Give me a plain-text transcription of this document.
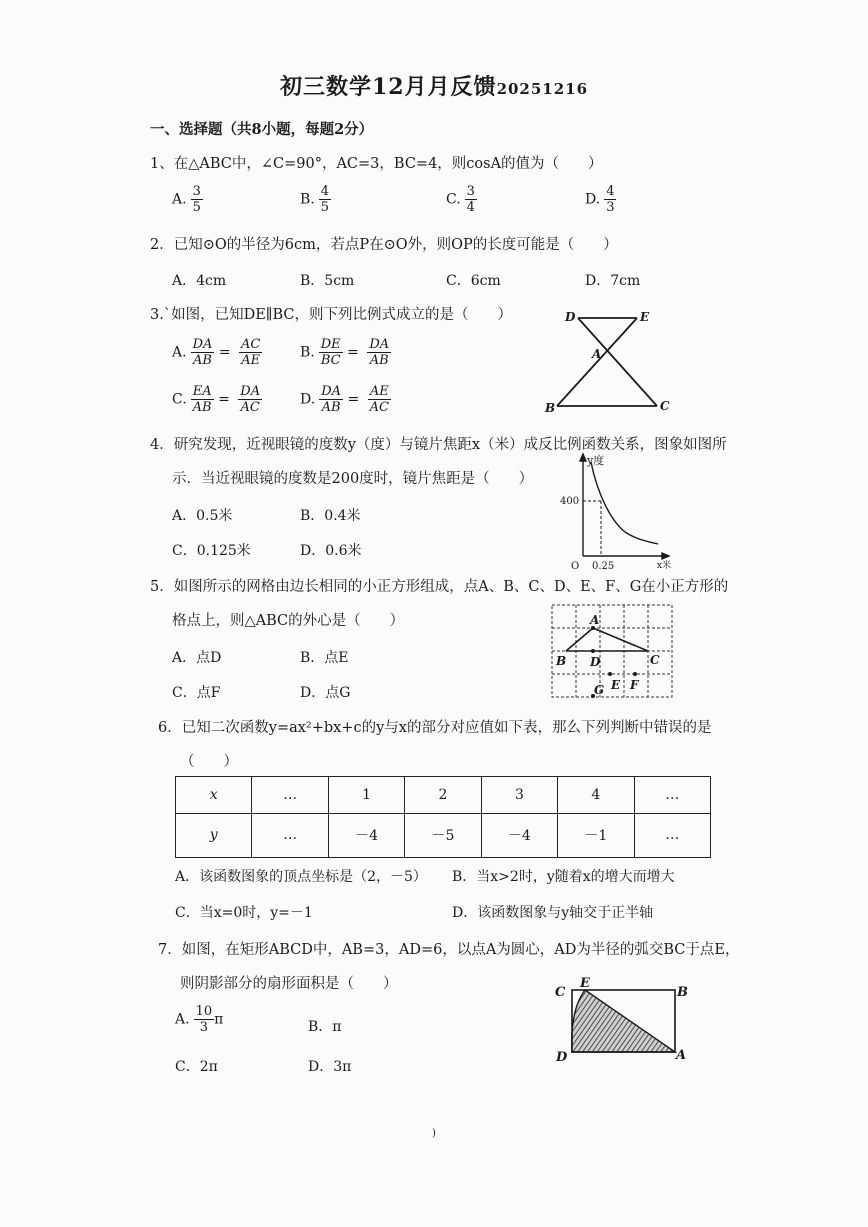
初三数学12月月反馈20251216
一、选择题（共8小题，每题2分）
1、在△ABC中，∠C=90°，AC=3，BC=4，则cosA的值为（　　）
A. $\frac{3}{5}$	B. $\frac{4}{5}$	C. $\frac{3}{4}$	D. $\frac{4}{3}$
2．已知⊙O的半径为6cm，若点P在⊙O外，则OP的长度可能是（　　）
A．4cm	B．5cm	C．6cm	D．7cm
3.`如图，已知DE∥BC，则下列比例式成立的是（　　）
A. $\frac{DA}{AB} = \frac{AC}{AE}$	B. $\frac{DE}{BC} = \frac{DA}{AB}$
C. $\frac{EA}{AB} = \frac{DA}{AC}$	D. $\frac{DA}{AB} = \frac{AE}{AC}$
D	E
A
B	C
4．研究发现，近视眼镜的度数y（度）与镜片焦距x（米）成反比例函数关系，图象如图所
示．当近视眼镜的度数是200度时，镜片焦距是（　　）
A．0.5米	B．0.4米
C．0.125米	D．0.6米
y度
x米
400
0.25
O
5．如图所示的网格由边长相同的小正方形组成，点A、B、C、D、E、F、G在小正方形的
格点上，则△ABC的外心是（　　）
A．点D	B．点E
C．点F	D．点G
A
B	C
D
E F
G
6．已知二次函数y=ax²+bx+c的y与x的部分对应值如下表，那么下列判断中错误的是
（　　）
x	…	1	2	3	4	…
y	…	－4	－5	－4	－1	…
A．该函数图象的顶点坐标是（2，－5） B．当x>2时，y随着x的增大而增大
C．当x=0时，y=－1	D．该函数图象与y轴交于正半轴
7．如图，在矩形ABCD中，AB=3，AD=6，以点A为圆心，AD为半径的弧交BC于点E，
则阴影部分的扇形面积是（　　）
A. $\frac{10}{3}$ π	B．π
C．2π	D．3π
C
E
B
D	A
)
